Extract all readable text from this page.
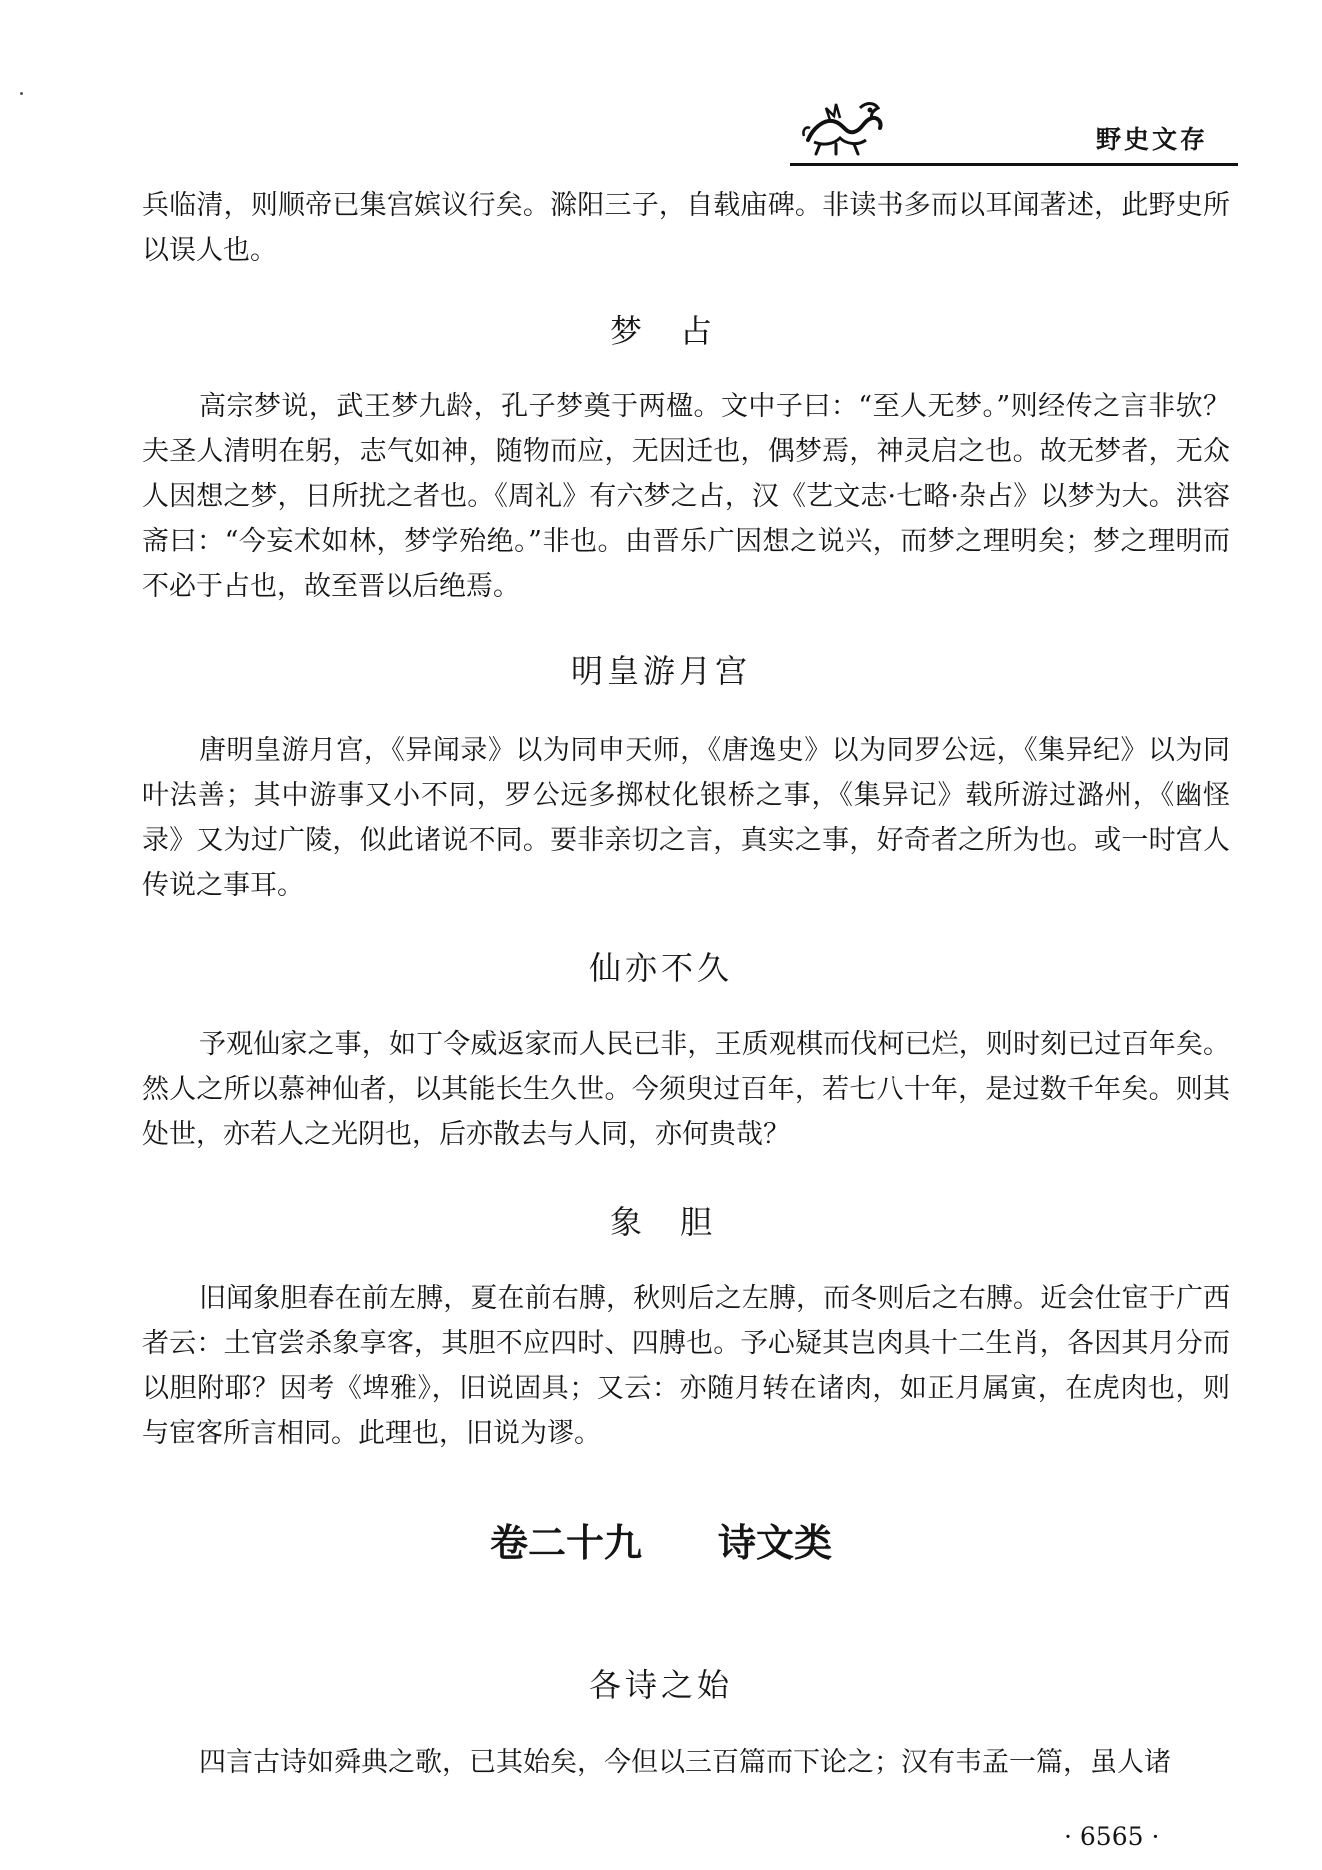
野史文存

兵临清，则顺帝已集宫嫔议行矣。滁阳三子，自载庙碑。非读书多而以耳闻著述，此野史所以误人也。

梦占

高宗梦说，武王梦九龄，孔子梦奠于两楹。文中子曰：“至人无梦。”则经传之言非欤？夫圣人清明在躬，志气如神，随物而应，无因迁也，偶梦焉，神灵启之也。故无梦者，无众人因想之梦，日所扰之者也。《周礼》有六梦之占，汉《艺文志·七略·杂占》以梦为大。洪容斋曰：“今妄术如林，梦学殆绝。”非也。由晋乐广因想之说兴，而梦之理明矣；梦之理明而不必于占也，故至晋以后绝焉。

明皇游月宫

唐明皇游月宫，《异闻录》以为同申天师，《唐逸史》以为同罗公远，《集异纪》以为同叶法善；其中游事又小不同，罗公远多掷杖化银桥之事，《集异记》载所游过潞州，《幽怪录》又为过广陵，似此诸说不同。要非亲切之言，真实之事，好奇者之所为也。或一时宫人传说之事耳。

仙亦不久

予观仙家之事，如丁令威返家而人民已非，王质观棋而伐柯已烂，则时刻已过百年矣。然人之所以慕神仙者，以其能长生久世。今须臾过百年，若七八十年，是过数千年矣。则其处世，亦若人之光阴也，后亦散去与人同，亦何贵哉？

象胆

旧闻象胆春在前左膊，夏在前右膊，秋则后之左膊，而冬则后之右膊。近会仕宦于广西者云：土官尝杀象享客，其胆不应四时、四膊也。予心疑其岂肉具十二生肖，各因其月分而以胆附耶？因考《埤雅》，旧说固具；又云：亦随月转在诸肉，如正月属寅，在虎肉也，则与宦客所言相同。此理也，旧说为谬。

卷二十九　　诗文类
各诗之始

四言古诗如舜典之歌，已其始矣，今但以三百篇而下论之；汉有韦孟一篇，虽人诸

· 6565 ·
